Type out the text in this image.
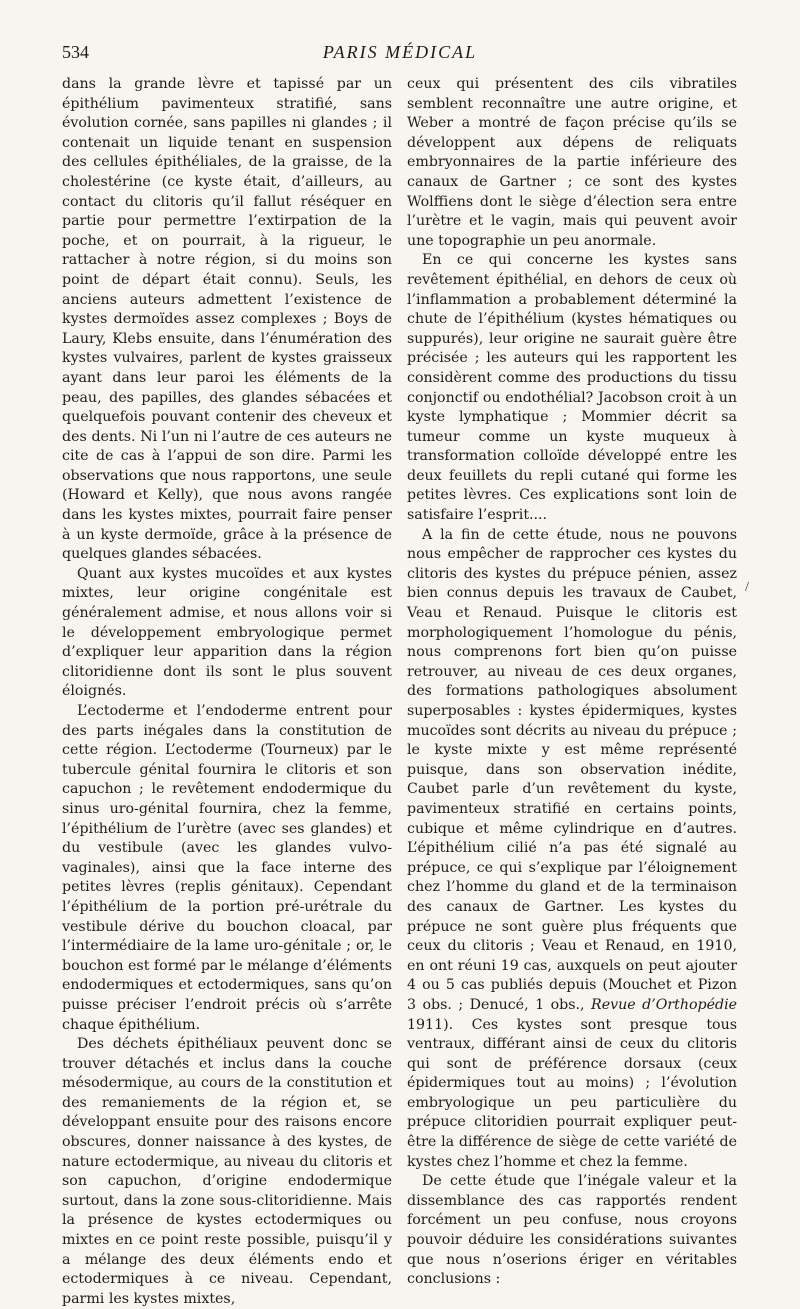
534	PARIS MÉDICAL

dans la grande lèvre et tapissé par un épithélium pavimenteux stratifié, sans évolution cornée, sans papilles ni glandes ; il contenait un liquide tenant en suspension des cellules épithéliales, de la graisse, de la cholestérine (ce kyste était, d’ailleurs, au contact du clitoris qu’il fallut réséquer en partie pour permettre l’extirpation de la poche, et on pourrait, à la rigueur, le rattacher à notre région, si du moins son point de départ était connu). Seuls, les anciens auteurs admettent l’existence de kystes dermoïdes assez complexes ; Boys de Laury, Klebs ensuite, dans l’énumération des kystes vulvaires, parlent de kystes graisseux ayant dans leur paroi les éléments de la peau, des papilles, des glandes sébacées et quelquefois pouvant contenir des cheveux et des dents. Ni l’un ni l’autre de ces auteurs ne cite de cas à l’appui de son dire. Parmi les observations que nous rapportons, une seule (Howard et Kelly), que nous avons rangée dans les kystes mixtes, pourrait faire penser à un kyste dermoïde, grâce à la présence de quelques glandes sébacées.

Quant aux kystes mucoïdes et aux kystes mixtes, leur origine congénitale est généralement admise, et nous allons voir si le développement embryologique permet d’expliquer leur apparition dans la région clitoridienne dont ils sont le plus souvent éloignés.

L’ectoderme et l’endoderme entrent pour des parts inégales dans la constitution de cette région. L’ectoderme (Tourneux) par le tubercule génital fournira le clitoris et son capuchon ; le revêtement endodermique du sinus uro-génital fournira, chez la femme, l’épithélium de l’urètre (avec ses glandes) et du vestibule (avec les glandes vulvo-vaginales), ainsi que la face interne des petites lèvres (replis génitaux). Cependant l’épithélium de la portion pré-urétrale du vestibule dérive du bouchon cloacal, par l’intermédiaire de la lame uro-génitale ; or, le bouchon est formé par le mélange d’éléments endodermiques et ectodermiques, sans qu’on puisse préciser l’endroit précis où s’arrête chaque épithélium.

Des déchets épithéliaux peuvent donc se trouver détachés et inclus dans la couche mésodermique, au cours de la constitution et des remaniements de la région et, se développant ensuite pour des raisons encore obscures, donner naissance à des kystes, de nature ectodermique, au niveau du clitoris et son capuchon, d’origine endodermique surtout, dans la zone sous-clitoridienne. Mais la présence de kystes ectodermiques ou mixtes en ce point reste possible, puisqu’il y a mélange des deux éléments endo et ectodermiques à ce niveau. Cependant, parmi les kystes mixtes,

ceux qui présentent des cils vibratiles semblent reconnaître une autre origine, et Weber a montré de façon précise qu’ils se développent aux dépens de reliquats embryonnaires de la partie inférieure des canaux de Gartner ; ce sont des kystes Wolffiens dont le siège d’élection sera entre l’urètre et le vagin, mais qui peuvent avoir une topographie un peu anormale.

En ce qui concerne les kystes sans revêtement épithélial, en dehors de ceux où l’inflammation a probablement déterminé la chute de l’épithélium (kystes hématiques ou suppurés), leur origine ne saurait guère être précisée ; les auteurs qui les rapportent les considèrent comme des productions du tissu conjonctif ou endothélial? Jacobson croit à un kyste lymphatique ; Mommier décrit sa tumeur comme un kyste muqueux à transformation colloïde développé entre les deux feuillets du repli cutané qui forme les petites lèvres. Ces explications sont loin de satisfaire l’esprit....

A la fin de cette étude, nous ne pouvons nous empêcher de rapprocher ces kystes du clitoris des kystes du prépuce pénien, assez bien connus depuis les travaux de Caubet, Veau et Renaud. Puisque le clitoris est morphologiquement l’homologue du pénis, nous comprenons fort bien qu’on puisse retrouver, au niveau de ces deux organes, des formations pathologiques absolument superposables : kystes épidermiques, kystes mucoïdes sont décrits au niveau du prépuce ; le kyste mixte y est même représenté puisque, dans son observation inédite, Caubet parle d’un revêtement du kyste, pavimenteux stratifié en certains points, cubique et même cylindrique en d’autres. L’épithélium cilié n’a pas été signalé au prépuce, ce qui s’explique par l’éloignement chez l’homme du gland et de la terminaison des canaux de Gartner. Les kystes du prépuce ne sont guère plus fréquents que ceux du clitoris ; Veau et Renaud, en 1910, en ont réuni 19 cas, auxquels on peut ajouter 4 ou 5 cas publiés depuis (Mouchet et Pizon 3 obs. ; Denucé, 1 obs., Revue d’Orthopédie 1911). Ces kystes sont presque tous ventraux, différant ainsi de ceux du clitoris qui sont de préférence dorsaux (ceux épidermiques tout au moins) ; l’évolution embryologique un peu particulière du prépuce clitoridien pourrait expliquer peut-être la différence de siège de cette variété de kystes chez l’homme et chez la femme.

De cette étude que l’inégale valeur et la dissemblance des cas rapportés rendent forcément un peu confuse, nous croyons pouvoir déduire les considérations suivantes que nous n’oserions ériger en véritables conclusions :

/
